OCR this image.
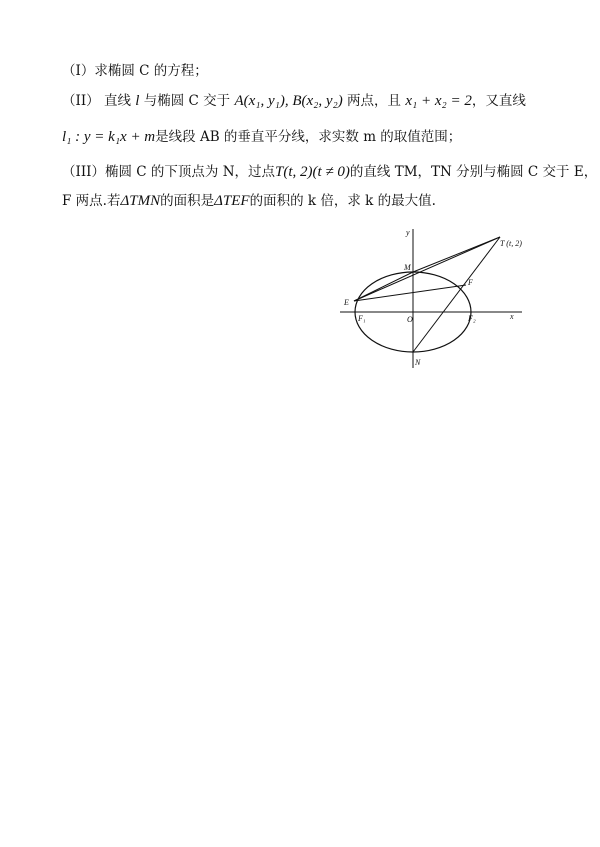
（I）求椭圆 C 的方程；
（II） 直线 l 与椭圆 C 交于 A(x₁, y₁), B(x₂, y₂) 两点，且 x₁ + x₂ = 2，又直线
l₁ : y = k₁x + m是线段 AB 的垂直平分线，求实数 m 的取值范围；
（III）椭圆 C 的下顶点为 N，过点T(t, 2)(t ≠ 0)的直线 TM，TN 分别与椭圆 C 交于 E，
F 两点.若ΔTMN的面积是ΔTEF的面积的 k 倍，求 k 的最大值.
y
x
O
M
N
E
F
F₁	F₂
T (t, 2)
